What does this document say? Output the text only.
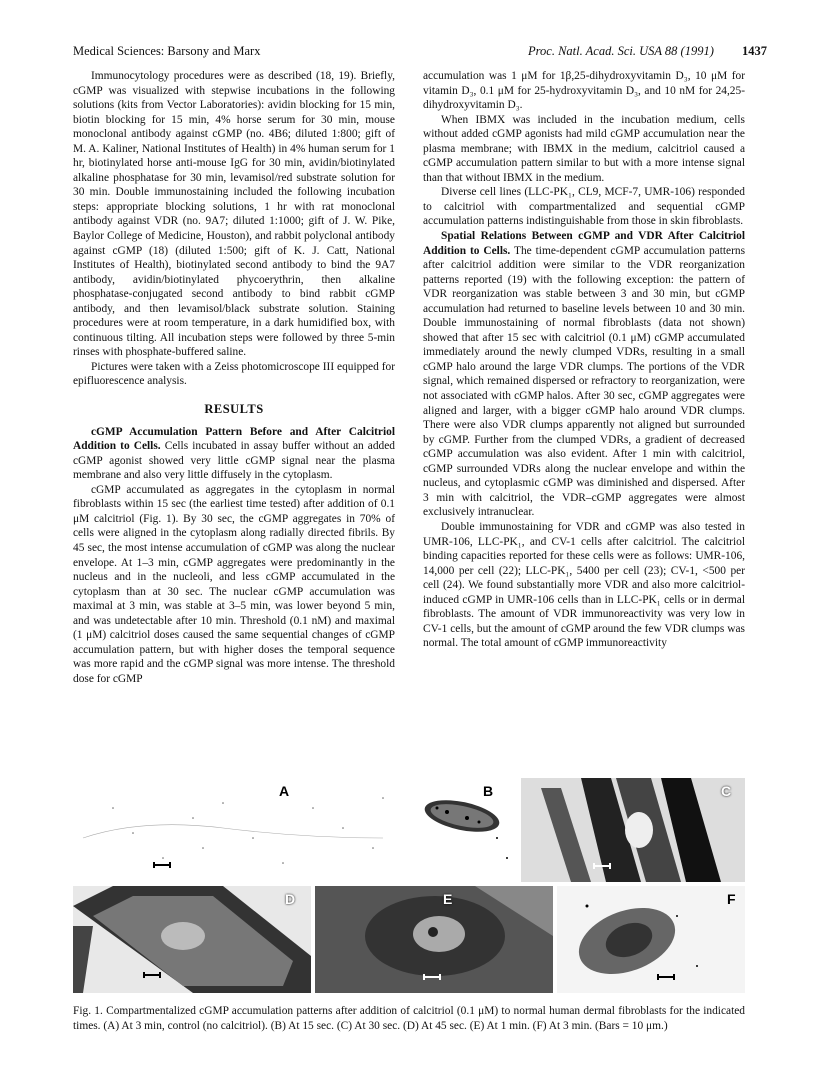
Medical Sciences: Barsony and Marx	Proc. Natl. Acad. Sci. USA 88 (1991) 1437

Immunocytology procedures were as described (18, 19). Briefly, cGMP was visualized with stepwise incubations in the following solutions (kits from Vector Laboratories): avidin blocking for 15 min, biotin blocking for 15 min, 4% horse serum for 30 min, mouse monoclonal antibody against cGMP (no. 4B6; diluted 1:800; gift of M. A. Kaliner, National Institutes of Health) in 4% human serum for 1 hr, biotinylated horse anti-mouse IgG for 30 min, avidin/biotinylated alkaline phosphatase for 30 min, levamisol/red substrate solution for 30 min. Double immunostaining included the following incubation steps: appropriate blocking solutions, 1 hr with rat monoclonal antibody against VDR (no. 9A7; diluted 1:1000; gift of J. W. Pike, Baylor College of Medicine, Houston), and rabbit polyclonal antibody against cGMP (18) (diluted 1:500; gift of K. J. Catt, National Institutes of Health), biotinylated second antibody to bind the 9A7 antibody, avidin/biotinylated phycoerythrin, then alkaline phosphatase-conjugated second antibody to bind rabbit cGMP antibody, and then levamisol/black substrate solution. Staining procedures were at room temperature, in a dark humidified box, with continuous tilting. All incubation steps were followed by three 5-min rinses with phosphate-buffered saline.

Pictures were taken with a Zeiss photomicroscope III equipped for epifluorescence analysis.

RESULTS

cGMP Accumulation Pattern Before and After Calcitriol Addition to Cells. Cells incubated in assay buffer without an added cGMP agonist showed very little cGMP signal near the plasma membrane and also very little diffusely in the cytoplasm.

cGMP accumulated as aggregates in the cytoplasm in normal fibroblasts within 15 sec (the earliest time tested) after addition of 0.1 μM calcitriol (Fig. 1). By 30 sec, the cGMP aggregates in 70% of cells were aligned in the cytoplasm along radially directed fibrils. By 45 sec, the most intense accumulation of cGMP was along the nuclear envelope. At 1–3 min, cGMP aggregates were predominantly in the nucleus and in the nucleoli, and less cGMP accumulated in the cytoplasm than at 30 sec. The nuclear cGMP accumulation was maximal at 3 min, was stable at 3–5 min, was lower beyond 5 min, and was undetectable after 10 min. Threshold (0.1 nM) and maximal (1 μM) calcitriol doses caused the same sequential changes of cGMP accumulation pattern, but with higher doses the temporal sequence was more rapid and the cGMP signal was more intense. The threshold dose for cGMP

accumulation was 1 μM for 1β,25-dihydroxyvitamin D₃, 10 μM for vitamin D₃, 0.1 μM for 25-hydroxyvitamin D₃, and 10 nM for 24,25-dihydroxyvitamin D₃.

When IBMX was included in the incubation medium, cells without added cGMP agonists had mild cGMP accumulation near the plasma membrane; with IBMX in the medium, calcitriol caused a cGMP accumulation pattern similar to but with a more intense signal than that without IBMX in the medium.

Diverse cell lines (LLC-PK₁, CL9, MCF-7, UMR-106) responded to calcitriol with compartmentalized and sequential cGMP accumulation patterns indistinguishable from those in skin fibroblasts.

Spatial Relations Between cGMP and VDR After Calcitriol Addition to Cells. The time-dependent cGMP accumulation patterns after calcitriol addition were similar to the VDR reorganization patterns reported (19) with the following exception: the pattern of VDR reorganization was stable between 3 and 30 min, but cGMP accumulation had returned to baseline levels between 10 and 30 min. Double immunostaining of normal fibroblasts (data not shown) showed that after 15 sec with calcitriol (0.1 μM) cGMP accumulated immediately around the newly clumped VDRs, resulting in a small cGMP halo around the large VDR clumps. The portions of the VDR signal, which remained dispersed or refractory to reorganization, were not associated with cGMP halos. After 30 sec, cGMP aggregates were aligned and larger, with a bigger cGMP halo around VDR clumps. There were also VDR clumps apparently not aligned but surrounded by cGMP. Further from the clumped VDRs, a gradient of decreased cGMP accumulation was also evident. After 1 min with calcitriol, cGMP surrounded VDRs along the nuclear envelope and within the nucleus, and cytoplasmic cGMP was diminished and dispersed. After 3 min with calcitriol, the VDR–cGMP aggregates were almost exclusively intranuclear.

Double immunostaining for VDR and cGMP was also tested in UMR-106, LLC-PK₁, and CV-1 cells after calcitriol. The calcitriol binding capacities reported for these cells were as follows: UMR-106, 14,000 per cell (22); LLC-PK₁, 5400 per cell (23); CV-1, <500 per cell (24). We found substantially more VDR and also more calcitriol-induced cGMP in UMR-106 cells than in LLC-PK₁ cells or in dermal fibroblasts. The amount of VDR immunoreactivity was very low in CV-1 cells, but the amount of cGMP around the few VDR clumps was normal. The total amount of cGMP immunoreactivity

A	B	C
D	E	F
Fig. 1. Compartmentalized cGMP accumulation patterns after addition of calcitriol (0.1 μM) to normal human dermal fibroblasts for the indicated times. (A) At 3 min, control (no calcitriol). (B) At 15 sec. (C) At 30 sec. (D) At 45 sec. (E) At 1 min. (F) At 3 min. (Bars = 10 μm.)
